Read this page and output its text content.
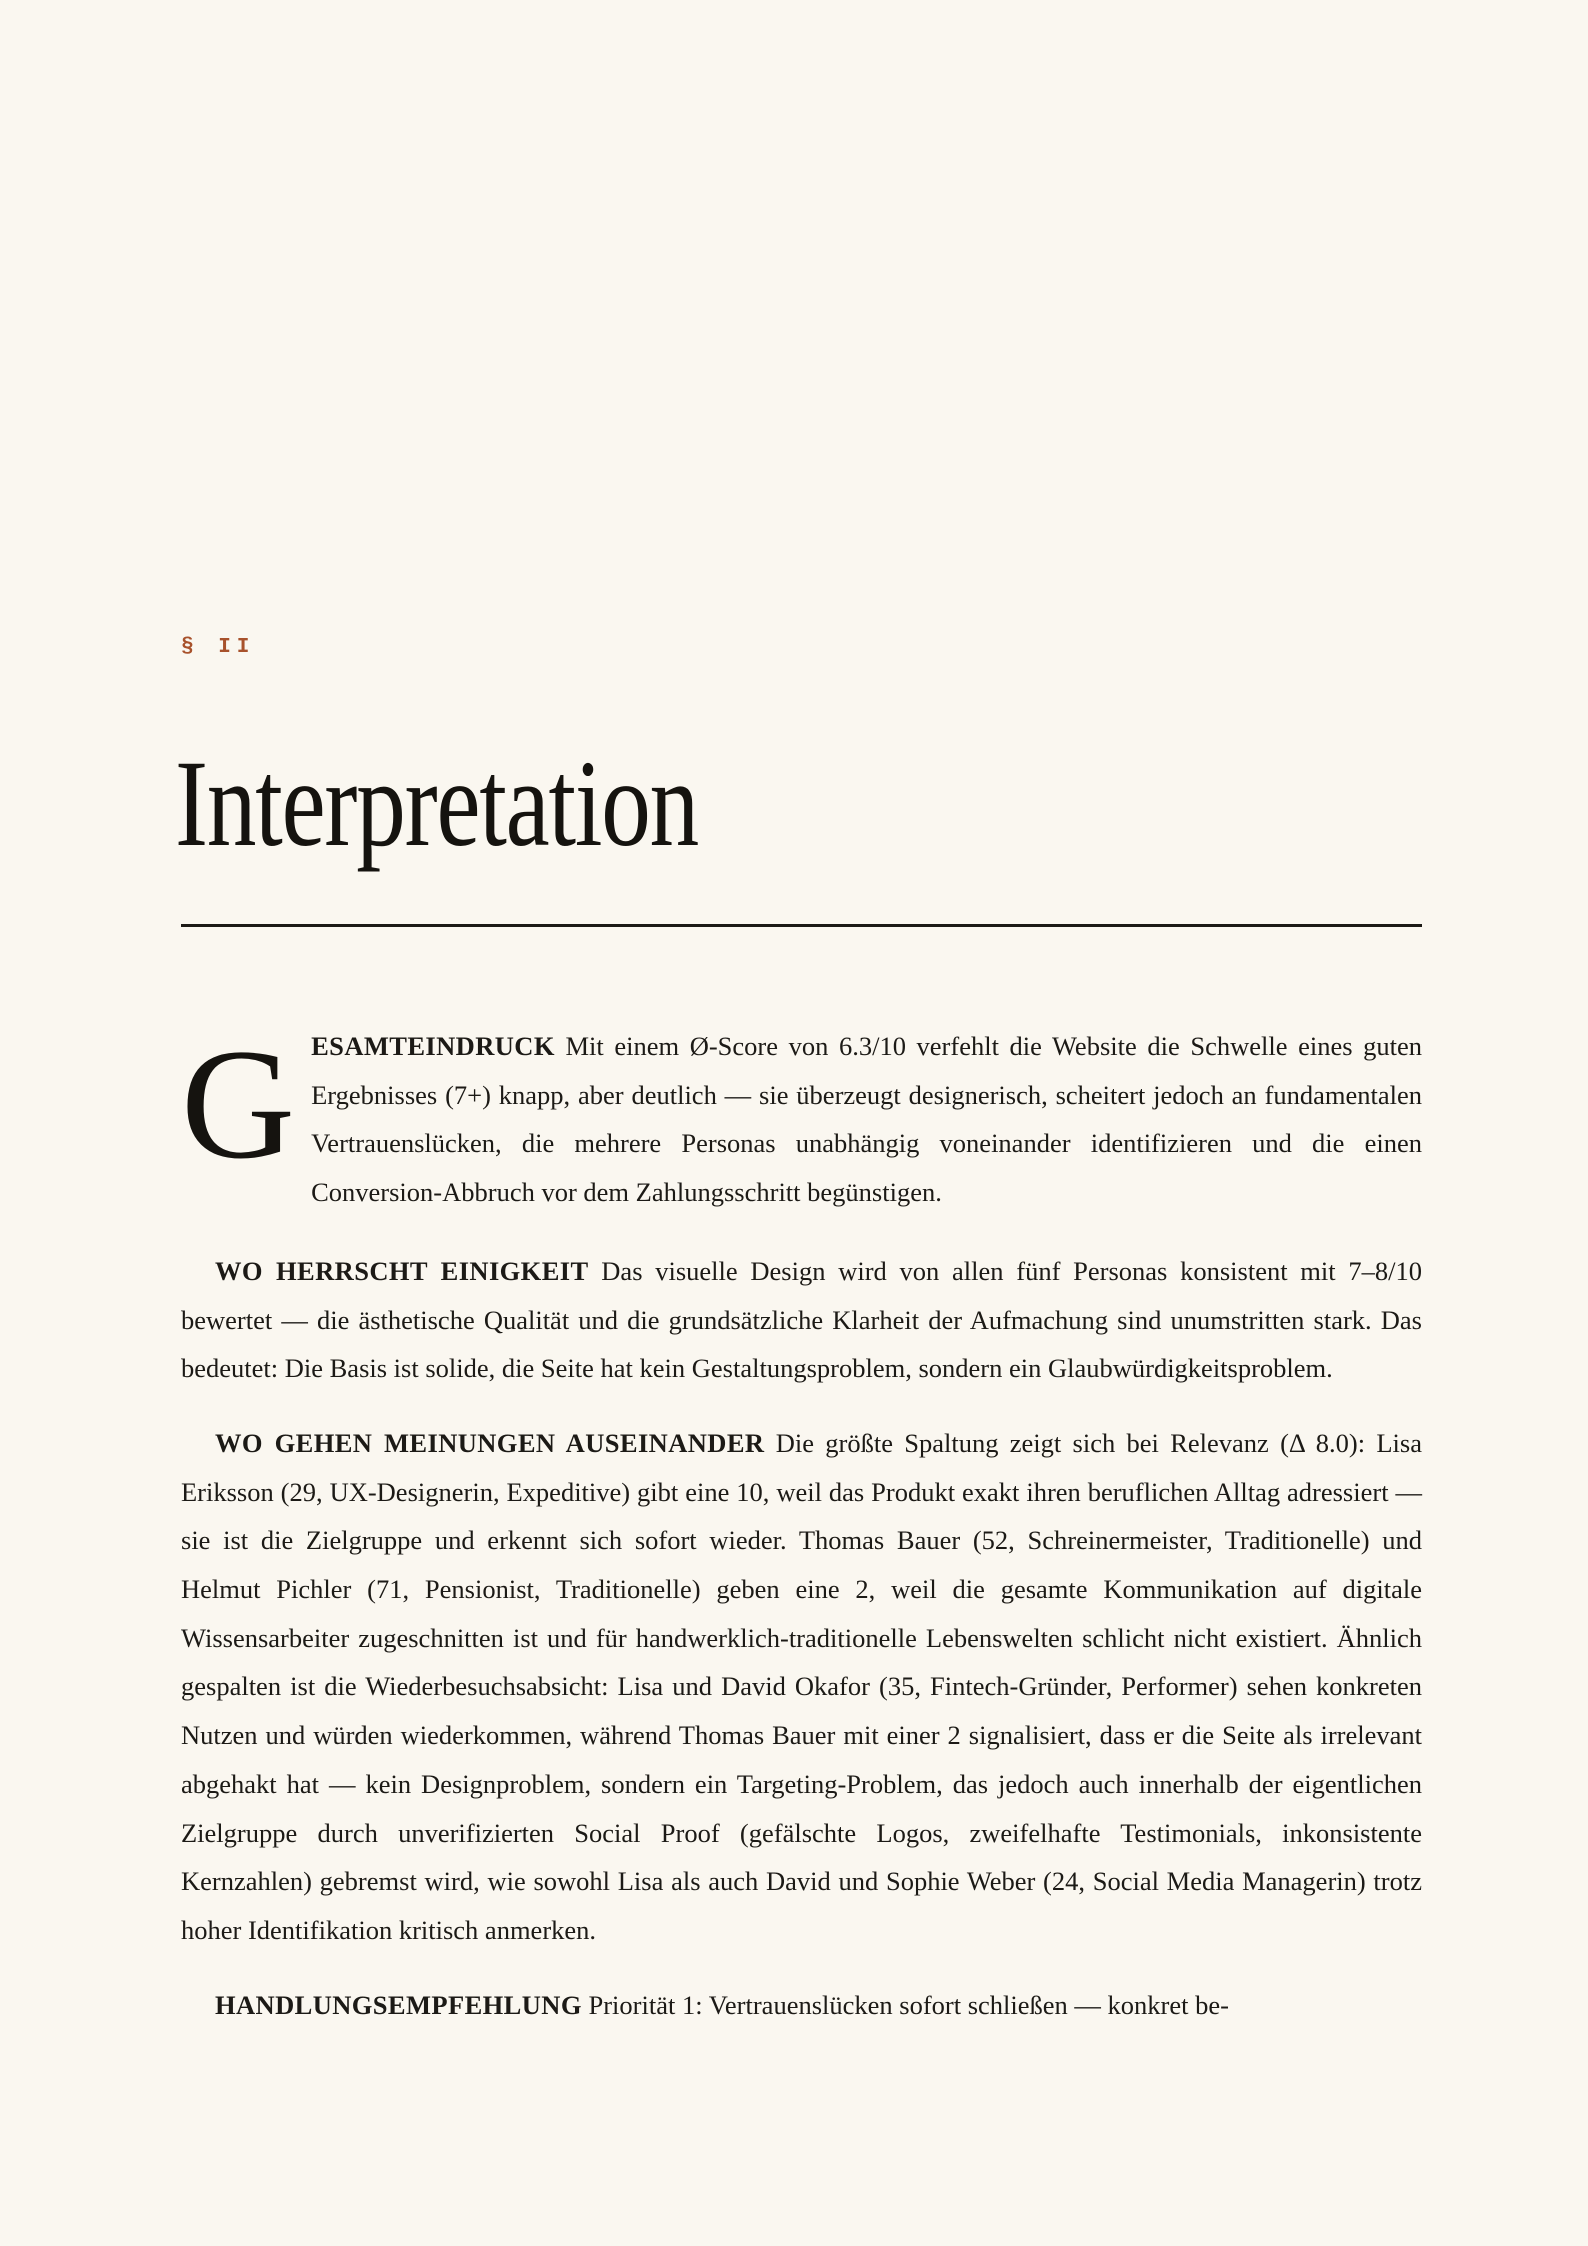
§ II
Interpretation

GESAMTEINDRUCK Mit einem Ø-Score von 6.3/10 verfehlt die Website die Schwelle eines guten Ergebnisses (7+) knapp, aber deutlich — sie überzeugt designerisch, scheitert jedoch an fundamentalen Vertrauenslücken, die mehrere Personas unabhängig voneinander identifizieren und die einen Conversion-Abbruch vor dem Zahlungsschritt begünstigen.

WO HERRSCHT EINIGKEIT Das visuelle Design wird von allen fünf Personas konsistent mit 7–8/10 bewertet — die ästhetische Qualität und die grundsätzliche Klarheit der Aufmachung sind unumstritten stark. Das bedeutet: Die Basis ist solide, die Seite hat kein Gestaltungsproblem, sondern ein Glaubwürdigkeitsproblem.

WO GEHEN MEINUNGEN AUSEINANDER Die größte Spaltung zeigt sich bei Relevanz (Δ 8.0): Lisa Eriksson (29, UX-Designerin, Expeditive) gibt eine 10, weil das Produkt exakt ihren beruflichen Alltag adressiert — sie ist die Zielgruppe und erkennt sich sofort wieder. Thomas Bauer (52, Schreinermeister, Traditionelle) und Helmut Pichler (71, Pensionist, Traditionelle) geben eine 2, weil die gesamte Kommunikation auf digitale Wissensarbeiter zugeschnitten ist und für handwerklich-traditionelle Lebenswelten schlicht nicht existiert. Ähnlich gespalten ist die Wiederbesuchsabsicht: Lisa und David Okafor (35, Fintech-Gründer, Performer) sehen konkreten Nutzen und würden wiederkommen, während Thomas Bauer mit einer 2 signalisiert, dass er die Seite als irrelevant abgehakt hat — kein Designproblem, sondern ein Targeting-Problem, das jedoch auch innerhalb der eigentlichen Zielgruppe durch unverifizierten Social Proof (gefälschte Logos, zweifelhafte Testimonials, inkonsistente Kernzahlen) gebremst wird, wie sowohl Lisa als auch David und Sophie Weber (24, Social Media Managerin) trotz hoher Identifikation kritisch anmerken.

HANDLUNGSEMPFEHLUNG Priorität 1: Vertrauenslücken sofort schließen — konkret be-
